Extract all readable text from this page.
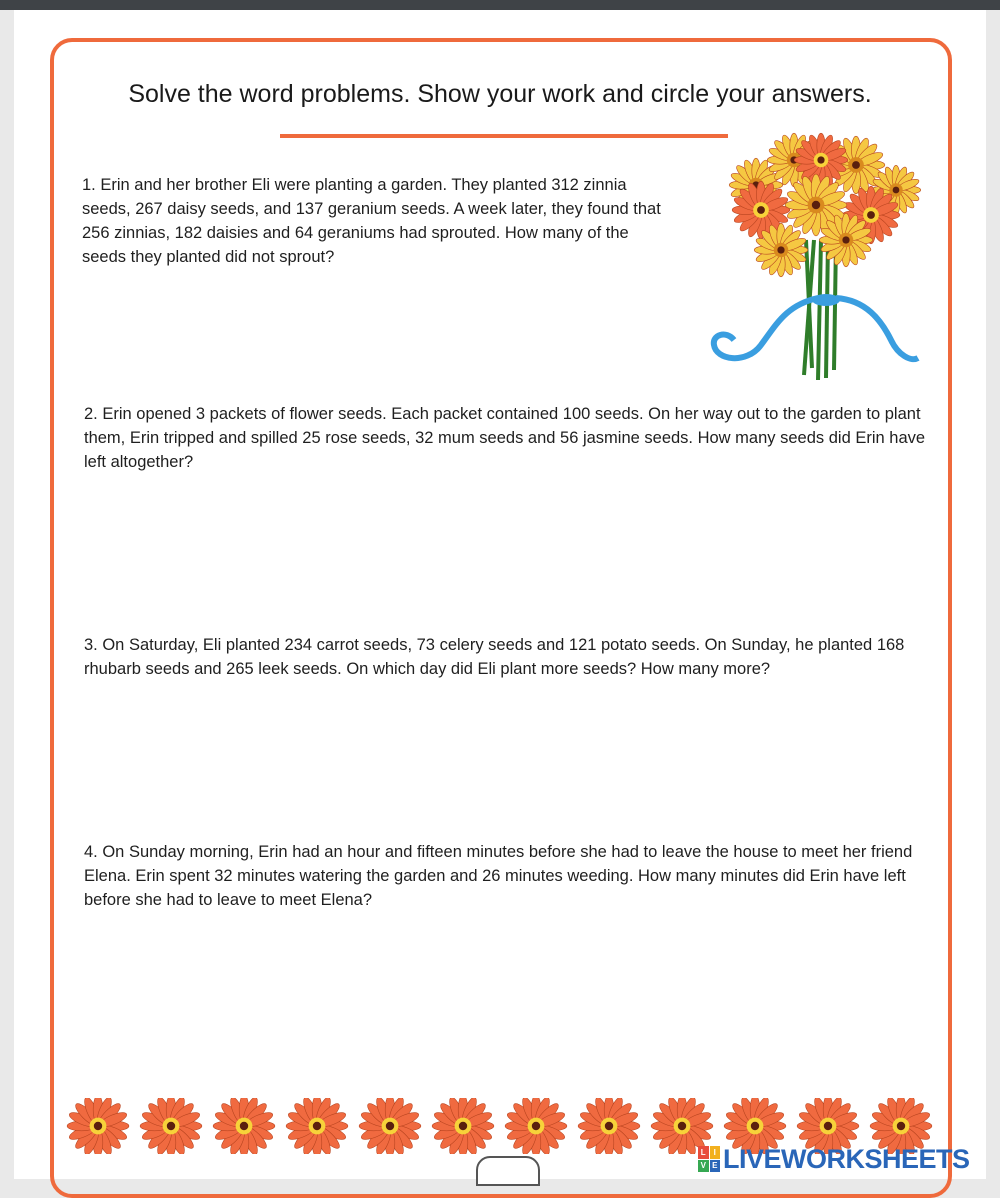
Solve the word problems. Show your work and circle your answers.

1. Erin and her brother Eli were planting a garden. They planted 312 zinnia seeds, 267 daisy seeds, and 137 geranium seeds. A week later, they found that 256 zinnias, 182 daisies and 64 geraniums had sprouted. How many of the seeds they planted did not sprout?

2. Erin opened 3 packets of flower seeds. Each packet contained 100 seeds. On her way out to the garden to plant them, Erin tripped and spilled 25 rose seeds, 32 mum seeds and 56 jasmine seeds. How many seeds did Erin have left altogether?

3. On Saturday, Eli planted 234 carrot seeds, 73 celery seeds and 121 potato seeds. On Sunday, he planted 168 rhubarb seeds and 265 leek seeds. On which day did Eli plant more seeds? How many more?

4. On Sunday morning, Erin had an hour and fifteen minutes before she had to leave the house to meet her friend Elena. Erin spent 32 minutes watering the garden and 26 minutes weeding. How many minutes did Erin have left before she had to leave to meet Elena?

L I
V E LIVEWORKSHEETS
